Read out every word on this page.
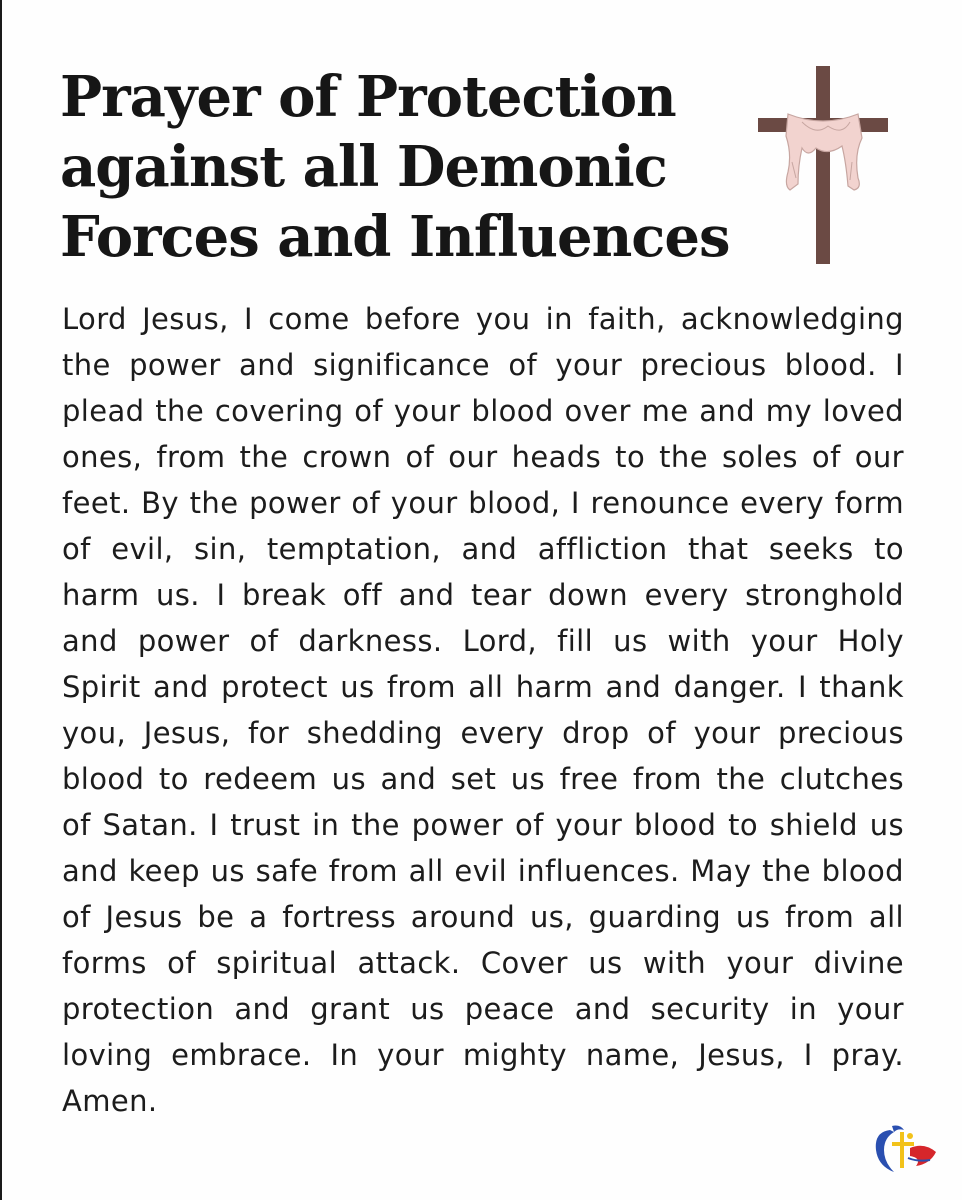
Prayer of Protection against all Demonic Forces and Influences

Lord Jesus, I come before you in faith, acknowledging the power and significance of your precious blood. I plead the covering of your blood over me and my loved ones, from the crown of our heads to the soles of our feet. By the power of your blood, I renounce every form of evil, sin, temptation, and affliction that seeks to harm us. I break off and tear down every stronghold and power of darkness. Lord, fill us with your Holy Spirit and protect us from all harm and danger. I thank you, Jesus, for shedding every drop of your precious blood to redeem us and set us free from the clutches of Satan. I trust in the power of your blood to shield us and keep us safe from all evil influences. May the blood of Jesus be a fortress around us, guarding us from all forms of spiritual attack. Cover us with your divine protection and grant us peace and security in your loving embrace. In your mighty name, Jesus, I pray. Amen.
